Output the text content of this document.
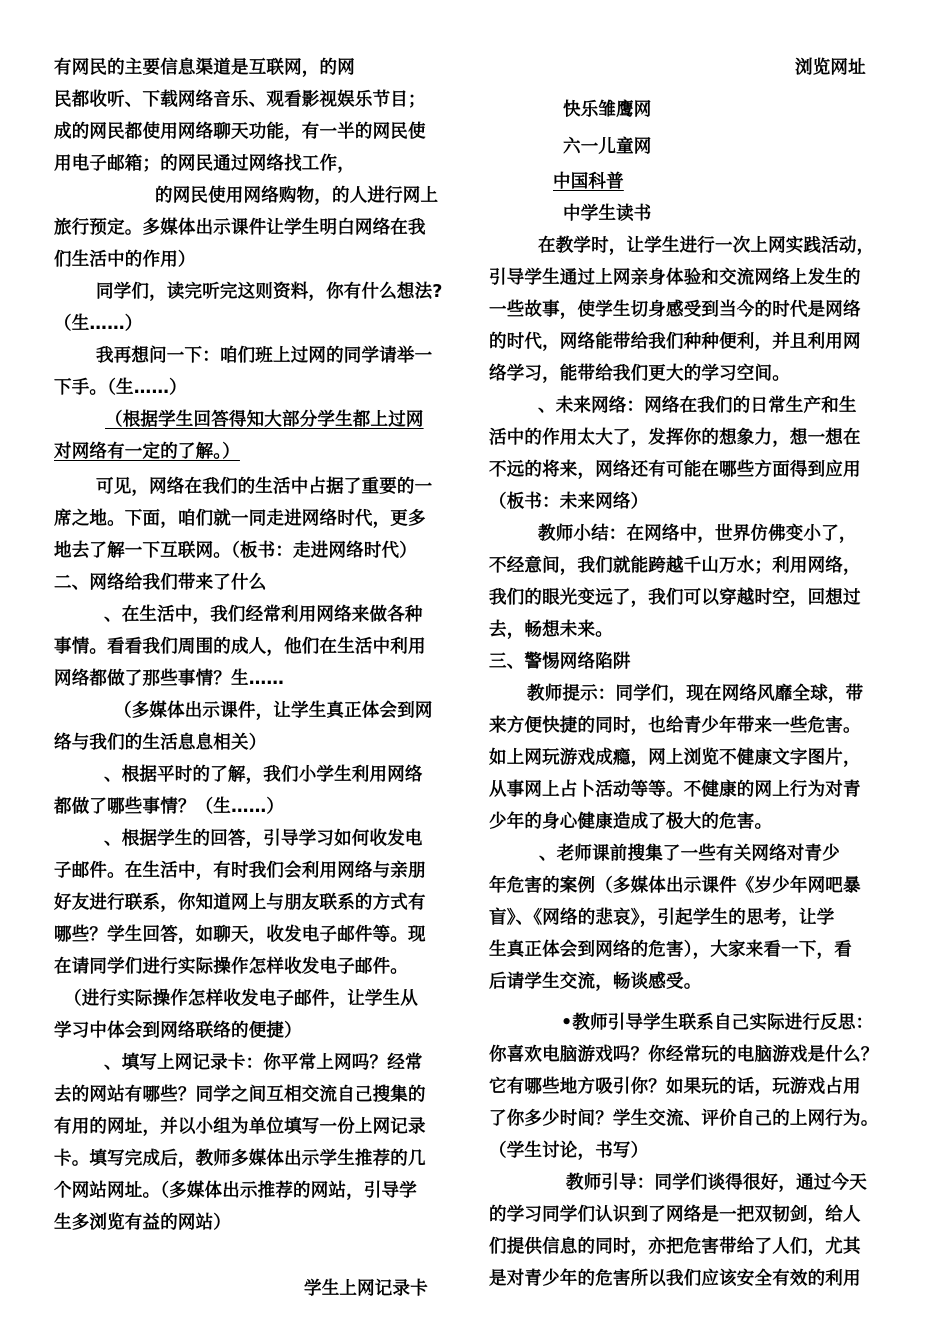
有网民的主要信息渠道是互联网，的网
民都收听、下载网络音乐、观看影视娱乐节目；
成的网民都使用网络聊天功能，有一半的网民使
用电子邮箱；的网民通过网络找工作，
的网民使用网络购物，的人进行网上
旅行预定。多媒体出示课件让学生明白网络在我
们生活中的作用）
同学们，读完听完这则资料，你有什么想法?
（生……）
我再想问一下：咱们班上过网的同学请举一
下手。（生……）
（根据学生回答得知大部分学生都上过网
对网络有一定的了解。）
可见，网络在我们的生活中占据了重要的一
席之地。下面，咱们就一同走进网络时代，更多
地去了解一下互联网。（板书：走进网络时代）
二、网络给我们带来了什么
、在生活中，我们经常利用网络来做各种
事情。看看我们周围的成人，他们在生活中利用
网络都做了那些事情？生……
（多媒体出示课件，让学生真正体会到网
络与我们的生活息息相关）
、根据平时的了解，我们小学生利用网络
都做了哪些事情？（生……）
、根据学生的回答，引导学习如何收发电
子邮件。在生活中，有时我们会利用网络与亲朋
好友进行联系，你知道网上与朋友联系的方式有
哪些？学生回答，如聊天，收发电子邮件等。现
在请同学们进行实际操作怎样收发电子邮件。
（进行实际操作怎样收发电子邮件，让学生从
学习中体会到网络联络的便捷）
、填写上网记录卡：你平常上网吗？经常
去的网站有哪些？同学之间互相交流自己搜集的
有用的网址，并以小组为单位填写一份上网记录
卡。填写完成后，教师多媒体出示学生推荐的几
个网站网址。（多媒体出示推荐的网站，引导学
生多浏览有益的网站）
学生上网记录卡
浏览网址
快乐雏鹰网
六一儿童网
中国科普
中学生读书
在教学时，让学生进行一次上网实践活动，
引导学生通过上网亲身体验和交流网络上发生的
一些故事，使学生切身感受到当今的时代是网络
的时代，网络能带给我们种种便利，并且利用网
络学习，能带给我们更大的学习空间。
、未来网络：网络在我们的日常生产和生
活中的作用太大了，发挥你的想象力，想一想在
不远的将来，网络还有可能在哪些方面得到应用
（板书：未来网络）
教师小结：在网络中，世界仿佛变小了，
不经意间，我们就能跨越千山万水；利用网络，
我们的眼光变远了，我们可以穿越时空，回想过
去，畅想未来。
三、警惕网络陷阱
教师提示：同学们，现在网络风靡全球，带
来方便快捷的同时，也给青少年带来一些危害。
如上网玩游戏成瘾，网上浏览不健康文字图片，
从事网上占卜活动等等。不健康的网上行为对青
少年的身心健康造成了极大的危害。
、老师课前搜集了一些有关网络对青少
年危害的案例（多媒体出示课件《岁少年网吧暴
盲》、《网络的悲哀》，引起学生的思考，让学
生真正体会到网络的危害），大家来看一下，看
后请学生交流，畅谈感受。
•教师引导学生联系自己实际进行反思：
你喜欢电脑游戏吗？你经常玩的电脑游戏是什么？
它有哪些地方吸引你？如果玩的话，玩游戏占用
了你多少时间？学生交流、评价自己的上网行为。
（学生讨论，书写）
教师引导：同学们谈得很好，通过今天
的学习同学们认识到了网络是一把双韧剑，给人
们提供信息的同时，亦把危害带给了人们，尤其
是对青少年的危害所以我们应该安全有效的利用
